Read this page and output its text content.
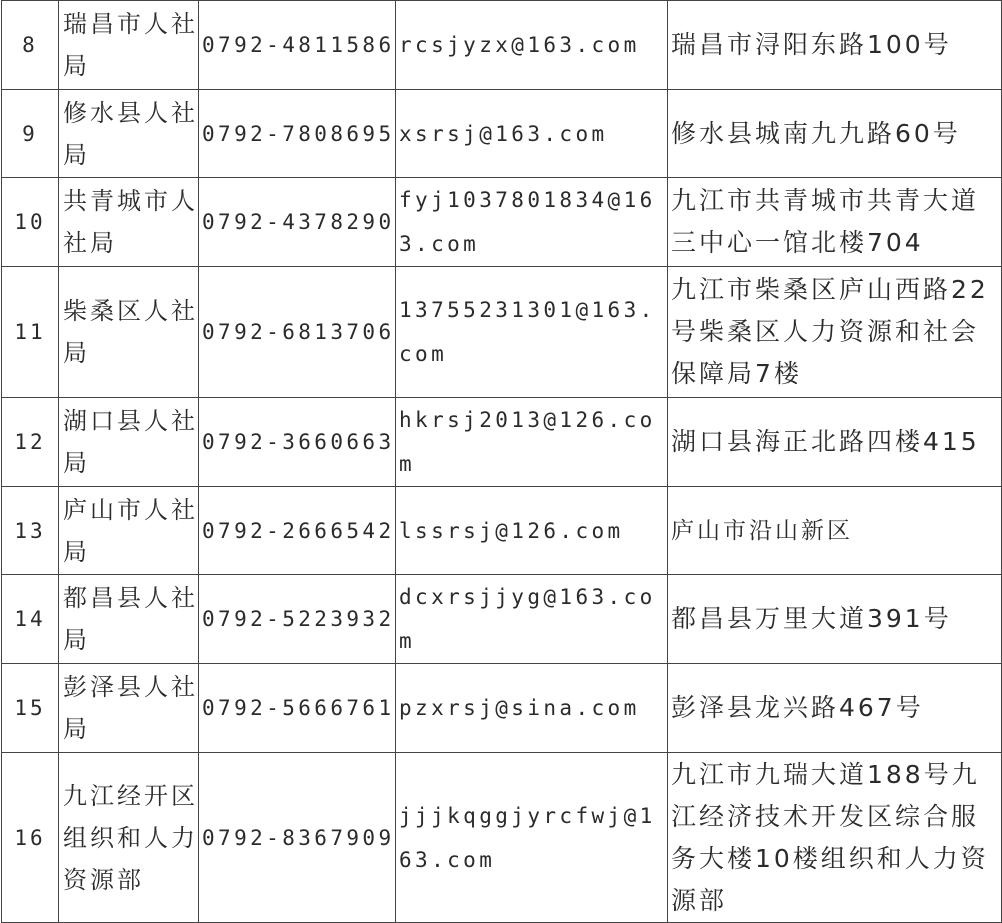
8	瑞昌市人社局	0792-4811586	rcsjyzx@163.com	瑞昌市浔阳东路100号
9	修水县人社局	0792-7808695	xsrsj@163.com	修水县城南九九路60号
10	共青城市人社局	0792-4378290	fyj1037801834@163.com	九江市共青城市共青大道三中心一馆北楼704
11	柴桑区人社局	0792-6813706	13755231301@163.com	九江市柴桑区庐山西路22号柴桑区人力资源和社会保障局7楼
12	湖口县人社局	0792-3660663	hkrsj2013@126.com	湖口县海正北路四楼415
13	庐山市人社局	0792-2666542	lssrsj@126.com	庐山市沿山新区
14	都昌县人社局	0792-5223932	dcxrsjjyg@163.com	都昌县万里大道391号
15	彭泽县人社局	0792-5666761	pzxrsj@sina.com	彭泽县龙兴路467号
16	九江经开区组织和人力资源部	0792-8367909	jjjkqggjyrcfwj@163.com	九江市九瑞大道188号九江经济技术开发区综合服务大楼10楼组织和人力资源部
